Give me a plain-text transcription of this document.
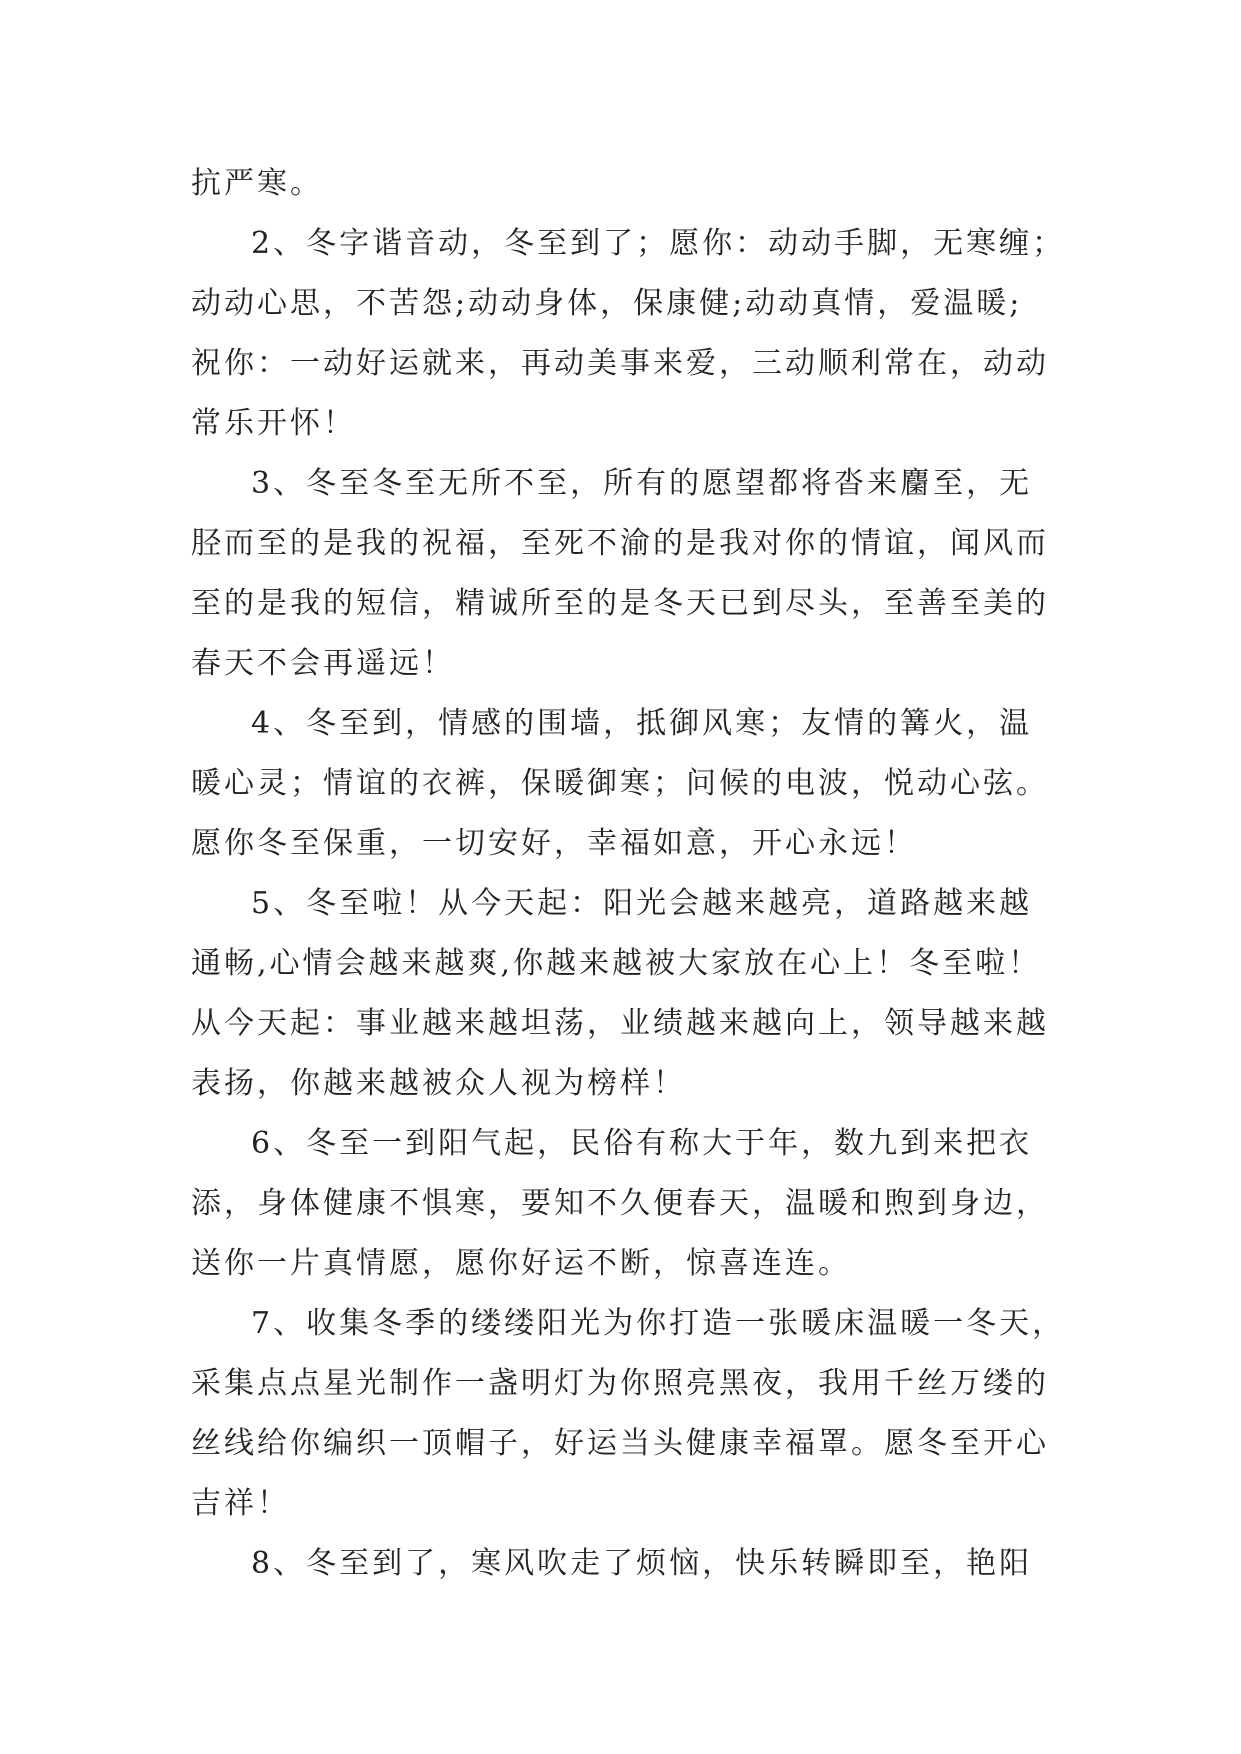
抗严寒。
2、冬字谐音动，冬至到了；愿你：动动手脚，无寒缠；
动动心思，不苦怨;动动身体，保康健;动动真情，爱温暖;
祝你：一动好运就来，再动美事来爱，三动顺利常在，动动
常乐开怀！
3、冬至冬至无所不至，所有的愿望都将沓来麕至，无
胫而至的是我的祝福，至死不渝的是我对你的情谊，闻风而
至的是我的短信，精诚所至的是冬天已到尽头，至善至美的
春天不会再遥远！
4、冬至到，情感的围墙，抵御风寒；友情的篝火，温
暖心灵；情谊的衣裤，保暖御寒；问候的电波，悦动心弦。
愿你冬至保重，一切安好，幸福如意，开心永远！
5、冬至啦！从今天起：阳光会越来越亮，道路越来越
通畅,心情会越来越爽,你越来越被大家放在心上！冬至啦！
从今天起：事业越来越坦荡，业绩越来越向上，领导越来越
表扬，你越来越被众人视为榜样！
6、冬至一到阳气起，民俗有称大于年，数九到来把衣
添，身体健康不惧寒，要知不久便春天，温暖和煦到身边，
送你一片真情愿，愿你好运不断，惊喜连连。
7、收集冬季的缕缕阳光为你打造一张暖床温暖一冬天，
采集点点星光制作一盏明灯为你照亮黑夜，我用千丝万缕的
丝线给你编织一顶帽子，好运当头健康幸福罩。愿冬至开心
吉祥！
8、冬至到了，寒风吹走了烦恼，快乐转瞬即至，艳阳
